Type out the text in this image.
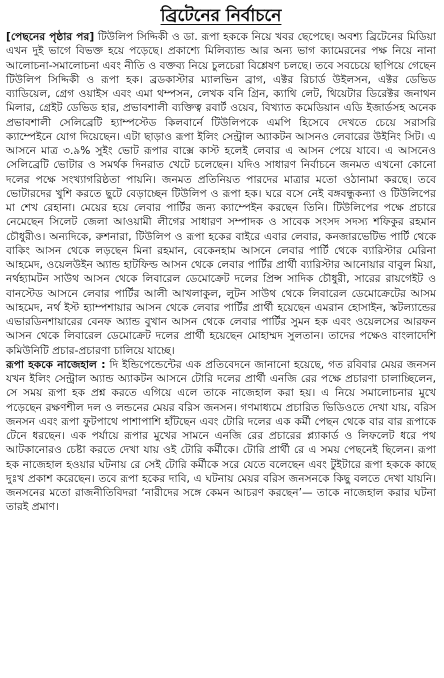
ব্রিটেনের নির্বাচনে

[পেছনের পৃষ্ঠার পর] টিউলিপ সিদ্দিকী ও ডা. রূপা হককে নিয়ে খবর ছেপেছে। অবশ্য ব্রিটেনের মিডিয়া এখন দুই ভাগে বিভক্ত হয়ে পড়েছে। প্রকাশ্যে মিলিব্যান্ড আর অন্য ভাগ ক্যামেরনের পক্ষ নিয়ে নানা আলোচনা-সমালোচনা এবং নীতি ও বক্তব্য নিয়ে চুলচেরা বিশ্লেষণ চলছে। তবে সবচেয়ে ছাপিয়ে গেছেন টিউলিপ সিদ্দিকী ও রূপা হক। ব্রডকাস্টার ম্যালভিন ব্রাগ, এক্টর রিচার্ড উইলসন, এক্টর ডেভিড ব্যাডিয়েল, গ্রেগ ওয়াইস এবং এমা থম্পসন, লেখক বনি গ্রিন, ক্যাথি লেট, থিয়েটার ডিরেক্টর জনাথন মিলার, গ্রেইট ডেভিড হার, প্রভাবশালী ব্যক্তিত্ব রবার্ট ওয়েব, বিখ্যাত কমেডিয়ান এডি ইজার্ডসহ অনেক প্রভাবশালী সেলিব্রেটি হ্যাম্পস্টেড কিলবার্নে টিউলিপকে এমপি হিসেবে দেখতে চেয়ে সরাসরি ক্যাম্পেইনে যোগ দিয়েছেন। এটা ছাড়াও রূপা ইলিং সেন্ট্রাল অ্যাকটন আসনও লেবারের উইনিং সিট। এ আসনে মাত্র ৩.৯% সুইং ভোট রূপার বাক্সে কাস্ট হলেই লেবার এ আসন পেয়ে যাবে। এ আসনেও সেলিব্রেটি ভোটার ও সমর্থক দিনরাত খেটে চলেছেন। যদিও সাধারণ নির্বাচনে জনমত এখনো কোনো দলের পক্ষে সংখ্যাগরিষ্ঠতা পায়নি। জনমত প্রতিনিয়ত পারদের মাত্রার মতো ওঠানামা করছে। তবে ভোটারদের খুশি করতে ছুটে বেড়াচ্ছেন টিউলিপ ও রূপা হক। ঘরে বসে নেই বঙ্গবন্ধুকন্যা ও টিউলিপের মা শেখ রেহানা। মেয়ের হয়ে লেবার পার্টির জন্য ক্যাম্পেইন করছেন তিনি। টিউলিপের পক্ষে প্রচারে নেমেছেন সিলেট জেলা আওয়ামী লীগের সাধারণ সম্পাদক ও সাবেক সংসদ সদস্য শফিকুর রহমান চৌধুরীও। অন্যদিকে, রুশনারা, টিউলিপ ও রূপা হকের বাইরে এবার লেবার, কনজারভেটিভ পার্টি থেকে বাকিং আসন থেকে লড়ছেন মিনা রহমান, বেকেনহাম আসনে লেবার পার্টি থেকে ব্যারিস্টার মেরিনা আহমেদ, ওয়েলউইন অ্যান্ড হাটফিল্ড আসন থেকে লেবার পার্টির প্রার্থী ব্যারিস্টার আনোয়ার বাবুল মিয়া, নর্থহ্যামটন সাউথ আসন থেকে লিবারেল ডেমোক্রেট দলের প্রিন্স সাদিক চৌধুরী, সারের রায়গেইট ও বানস্টেড আসনে লেবার পার্টির আলী আখলাকুল, লুটন সাউথ থেকে লিবারেল ডেমোক্রেটের আসম আহমেদ, নর্থ ইস্ট হ্যাম্পশায়ার আসন থেকে লেবার পার্টির প্রার্থী হয়েছেন এমরান হোসাইন, স্কটল্যান্ডের এভারডিনশায়ারের বেনফ অ্যান্ড বুখান আসন থেকে লেবার পার্টির সুমন হক এবং ওয়েলসের আরফন আসন থেকে লিবারেল ডেমোক্রেট দলের প্রার্থী হয়েছেন মোহাম্মদ সুলতান। তাদের পক্ষেও বাংলাদেশি কমিউনিটি প্রচার-প্রচারণা চালিয়ে যাচ্ছে।

রূপা হককে নাজেহাল : দি ইন্ডিপেন্ডেন্টের এক প্রতিবেদনে জানানো হয়েছে, গত রবিবার মেয়র জনসন যখন ইলিং সেন্ট্রাল অ্যান্ড অ্যাকটন আসনে টোরি দলের প্রার্থী এনজি রের পক্ষে প্রচারণা চালাচ্ছিলেন, সে সময় রূপা হক প্রশ্ন করতে এগিয়ে এলে তাকে নাজেহাল করা হয়। এ নিয়ে সমালোচনার মুখে পড়েছেন রক্ষণশীল দল ও লন্ডনের মেয়র বরিস জনসন। গণমাধ্যমে প্রচারিত ভিডিওতে দেখা যায়, বরিস জনসন এবং রূপা ফুটপাথে পাশাপাশি হাঁটছেন এবং টোরি দলের এক কর্মী পেছন থেকে বার বার রূপাকে টেনে ধরছেন। এক পর্যায়ে রূপার মুখের সামনে এনজি রের প্রচারের প্ল্যাকার্ড ও লিফলেট ধরে পথ আটকানোরও চেষ্টা করতে দেখা যায় ওই টোরি কর্মীকে। টোরি প্রার্থী রে এ সময় পেছনেই ছিলেন। রূপা হক নাজেহাল হওয়ার ঘটনায় রে সেই টোরি কর্মীকে সরে যেতে বলেছেন এবং টুইটারে রূপা হককে কাছে দুঃখ প্রকাশ করেছেন। তবে রূপা হকের দাবি, এ ঘটনায় মেয়র বরিস জনসনকে কিছু বলতে দেখা যায়নি। জনসনের মতো রাজনীতিবিদরা ‘নারীদের সঙ্গে কেমন আচরণ করছেন’— তাকে নাজেহাল করার ঘটনা তারই প্রমাণ।
